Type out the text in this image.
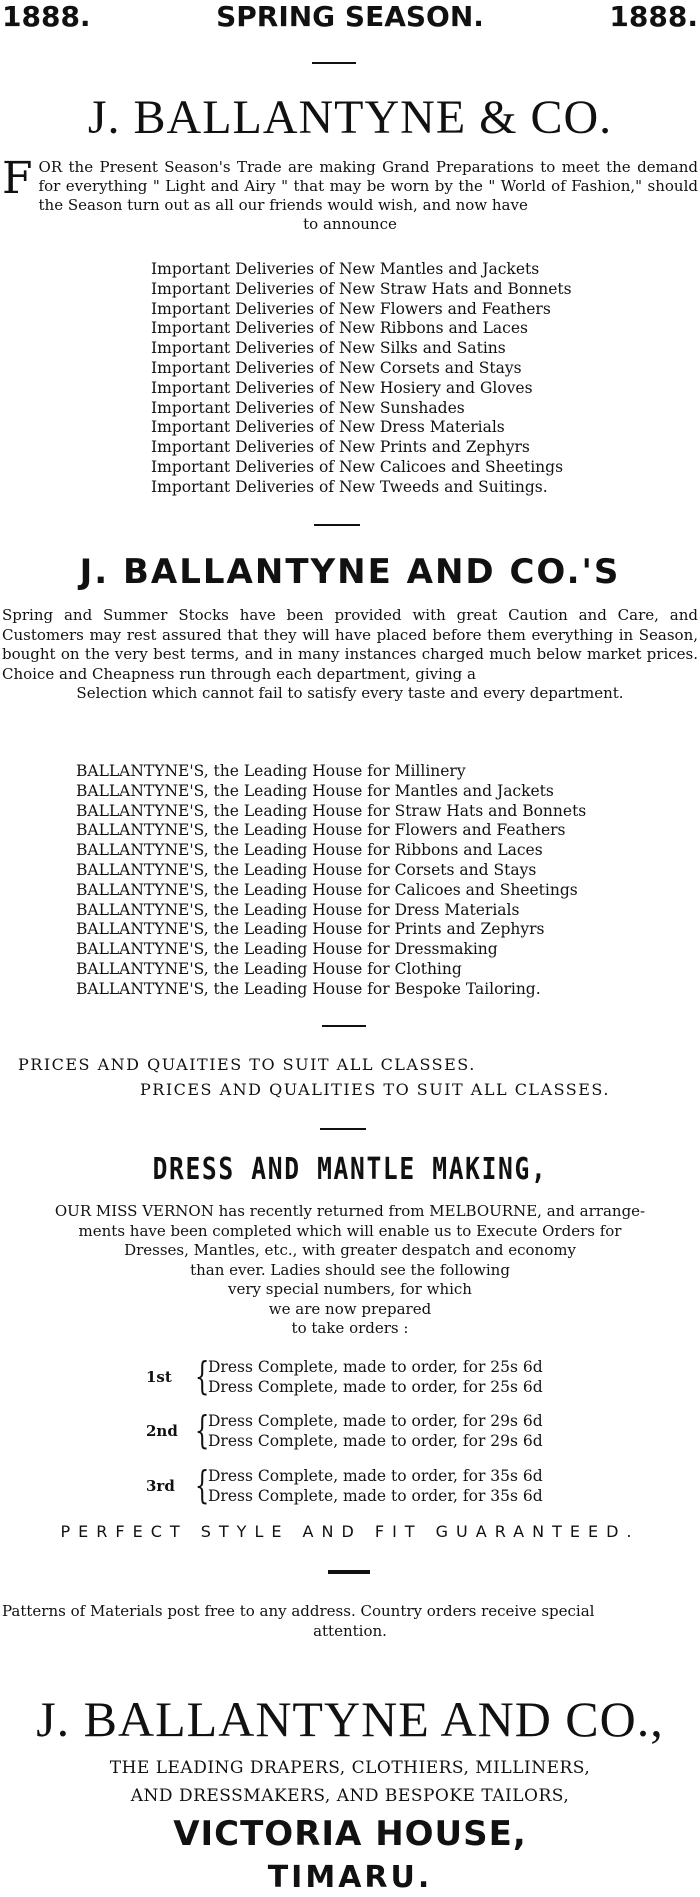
1888.	SPRING SEASON.	1888.
J. BALLANTYNE & CO.
F OR the Present Season's Trade are making Grand Preparations to meet the demand for everything " Light and Airy " that may be worn by the " World of Fashion," should the Season turn out as all our friends would wish, and now have
to announce
Important Deliveries of New Mantles and Jackets
Important Deliveries of New Straw Hats and Bonnets
Important Deliveries of New Flowers and Feathers
Important Deliveries of New Ribbons and Laces
Important Deliveries of New Silks and Satins
Important Deliveries of New Corsets and Stays
Important Deliveries of New Hosiery and Gloves
Important Deliveries of New Sunshades
Important Deliveries of New Dress Materials
Important Deliveries of New Prints and Zephyrs
Important Deliveries of New Calicoes and Sheetings
Important Deliveries of New Tweeds and Suitings.
J. BALLANTYNE AND CO.'S
Spring and Summer Stocks have been provided with great Caution and Care, and Customers may rest assured that they will have placed before them everything in Season, bought on the very best terms, and in many instances charged much below market prices. Choice and Cheapness run through each department, giving a
Selection which cannot fail to satisfy every taste and every department.
BALLANTYNE'S, the Leading House for Millinery
BALLANTYNE'S, the Leading House for Mantles and Jackets
BALLANTYNE'S, the Leading House for Straw Hats and Bonnets
BALLANTYNE'S, the Leading House for Flowers and Feathers
BALLANTYNE'S, the Leading House for Ribbons and Laces
BALLANTYNE'S, the Leading House for Corsets and Stays
BALLANTYNE'S, the Leading House for Calicoes and Sheetings
BALLANTYNE'S, the Leading House for Dress Materials
BALLANTYNE'S, the Leading House for Prints and Zephyrs
BALLANTYNE'S, the Leading House for Dressmaking
BALLANTYNE'S, the Leading House for Clothing
BALLANTYNE'S, the Leading House for Bespoke Tailoring.
PRICES AND QUAITIES TO SUIT ALL CLASSES.
PRICES AND QUALITIES TO SUIT ALL CLASSES.
DRESS AND MANTLE MAKING,
OUR MISS VERNON has recently returned from MELBOURNE, and arrange-
ments have been completed which will enable us to Execute Orders for
Dresses, Mantles, etc., with greater despatch and economy
than ever. Ladies should see the following
very special numbers, for which
we are now prepared
to take orders :
1st {
Dress Complete, made to order, for 25s 6d
Dress Complete, made to order, for 25s 6d
2nd {
Dress Complete, made to order, for 29s 6d
Dress Complete, made to order, for 29s 6d
3rd {
Dress Complete, made to order, for 35s 6d
Dress Complete, made to order, for 35s 6d
PERFECT STYLE AND FIT GUARANTEED.
Patterns of Materials post free to any address. Country orders receive special
attention.
J. BALLANTYNE AND CO.,
THE LEADING DRAPERS, CLOTHIERS, MILLINERS,
AND DRESSMAKERS, AND BESPOKE TAILORS,
VICTORIA HOUSE,
TIMARU.
